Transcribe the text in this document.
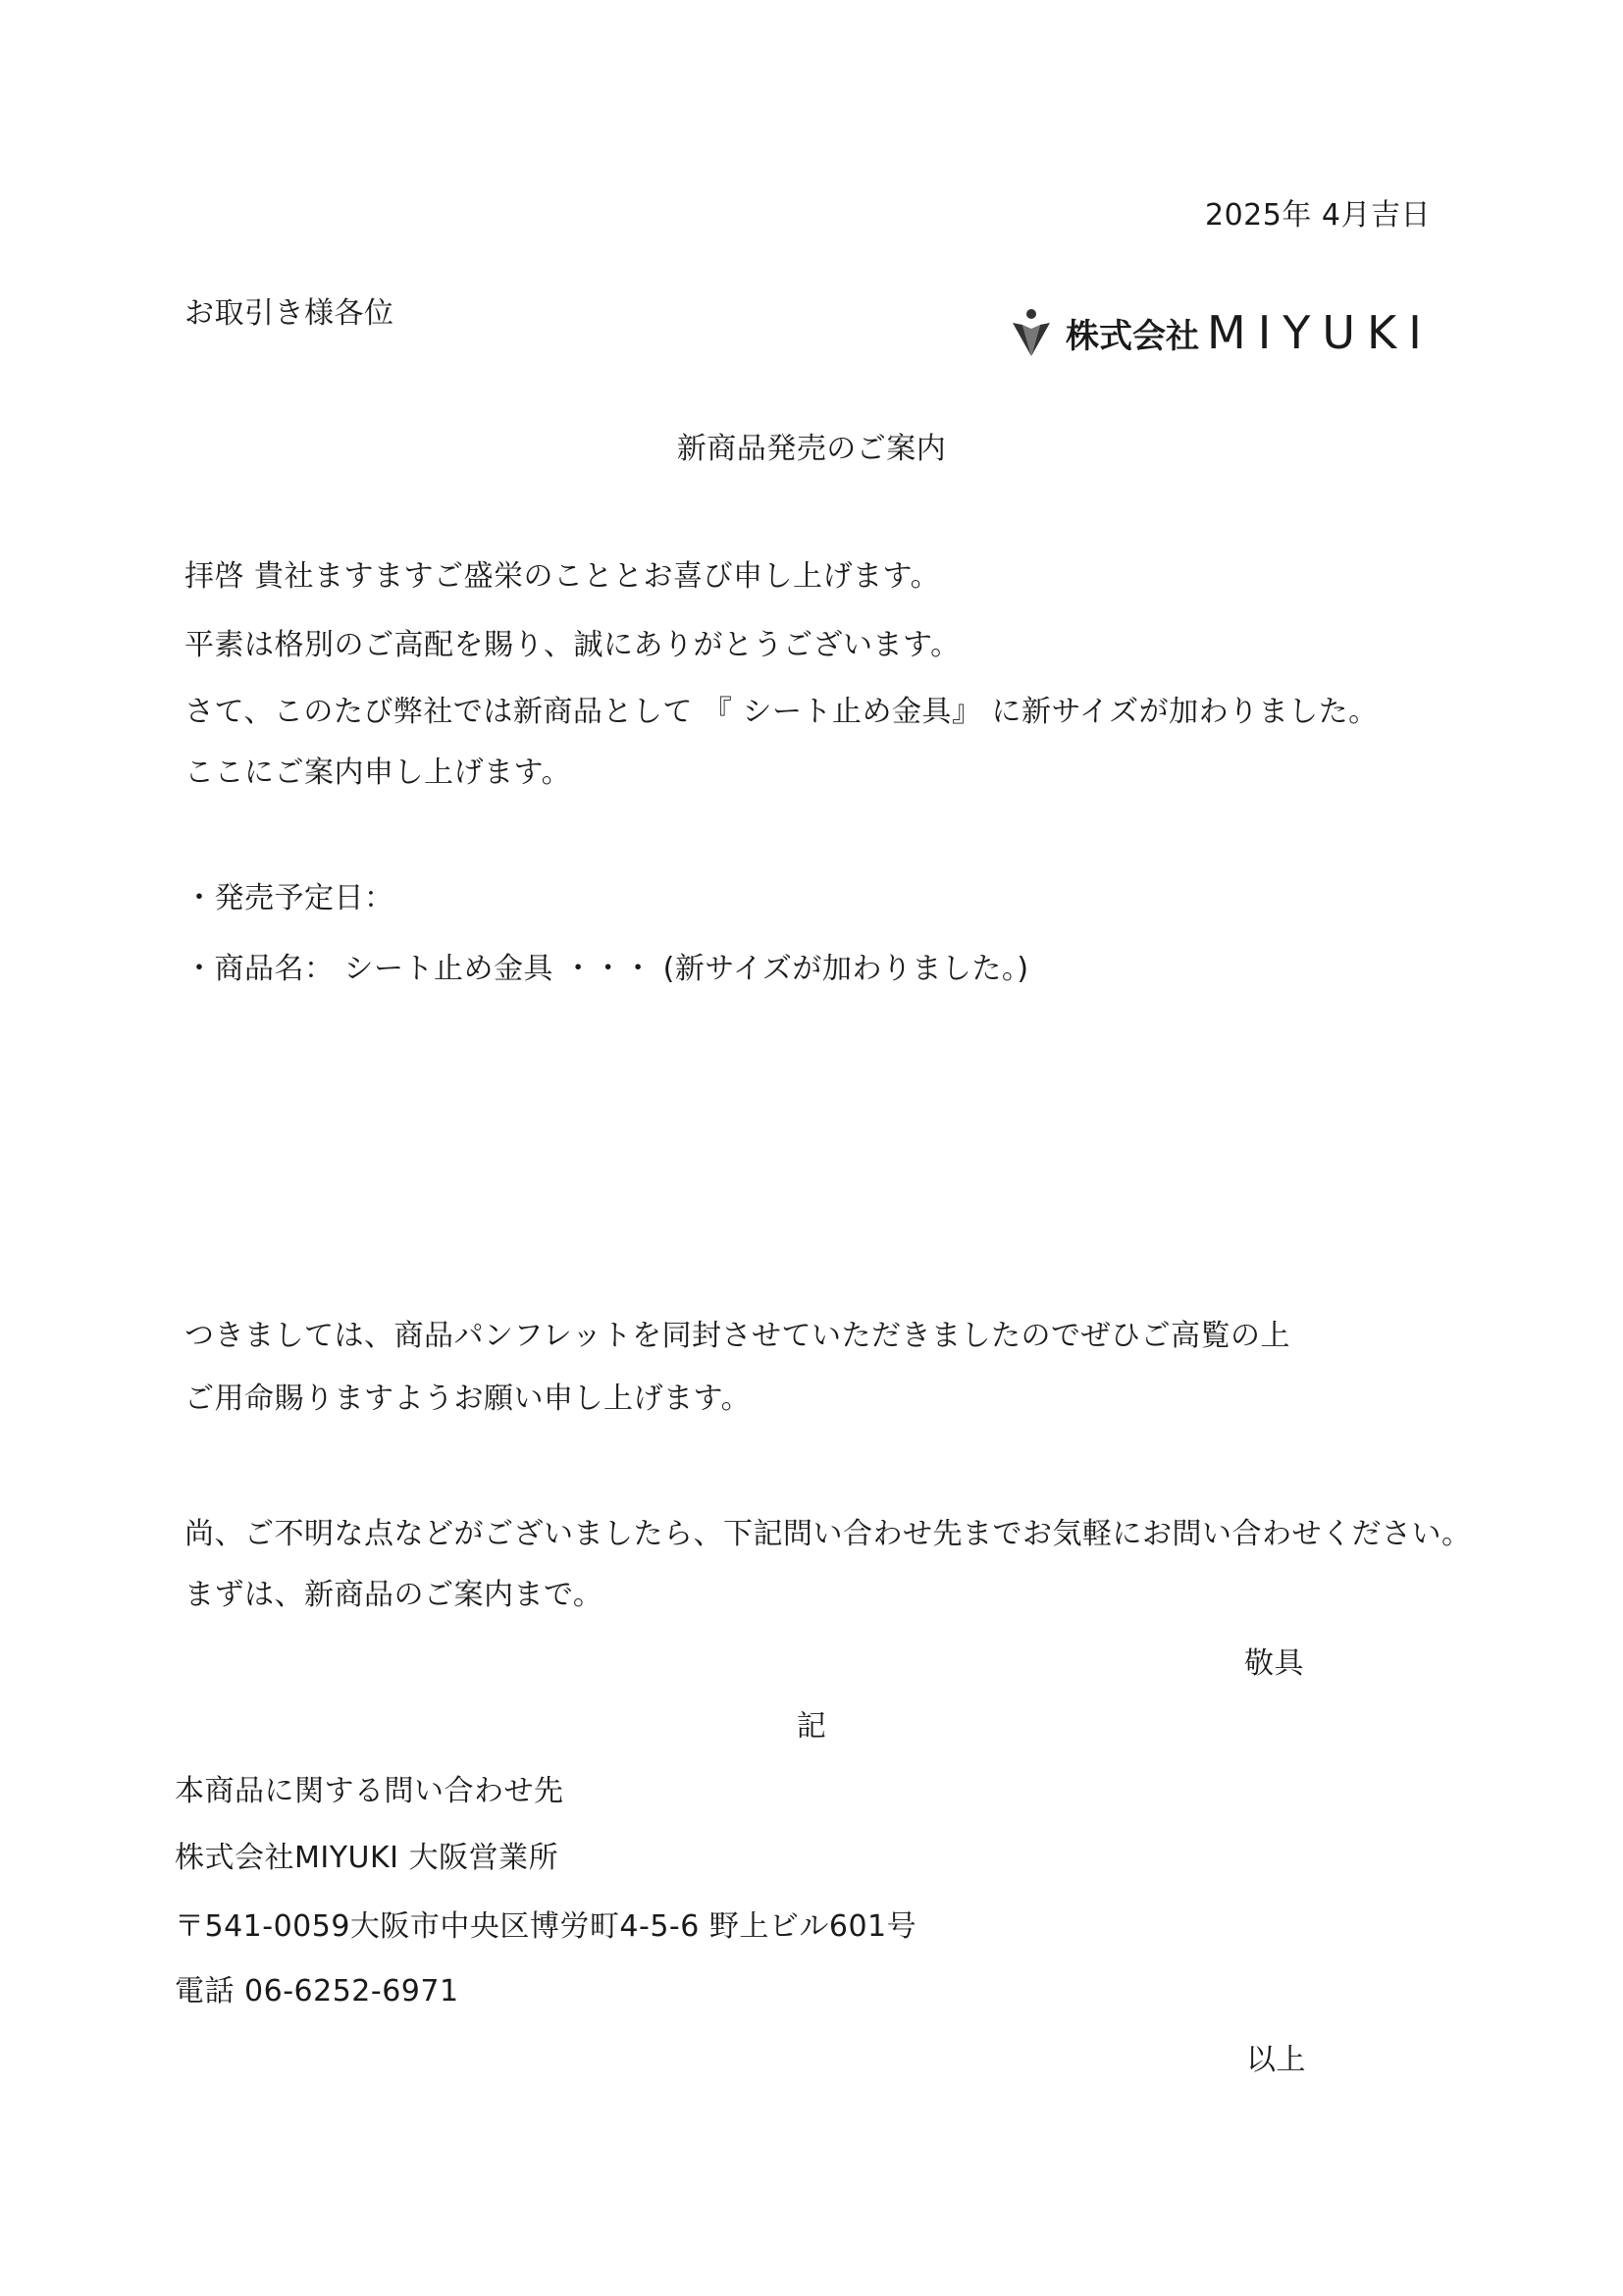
2025年 4月吉日
お取引き様各位
株式会社 MIYUKI
新商品発売のご案内
拝啓 貴社ますますご盛栄のこととお喜び申し上げます。
平素は格別のご高配を賜り、誠にありがとうございます。
さて、このたび弊社では新商品として 『 シート止め金具』 に新サイズが加わりました。
ここにご案内申し上げます。
・発売予定日：
・商品名： シート止め金具 ・・・ (新サイズが加わりました。)
つきましては、商品パンフレットを同封させていただきましたのでぜひご高覧の上
ご用命賜りますようお願い申し上げます。
尚、ご不明な点などがございましたら、下記問い合わせ先までお気軽にお問い合わせください。
まずは、新商品のご案内まで。
敬具
記
本商品に関する問い合わせ先
株式会社MIYUKI 大阪営業所
〒541-0059大阪市中央区博労町4-5-6 野上ビル601号
電話 06-6252-6971
以上
